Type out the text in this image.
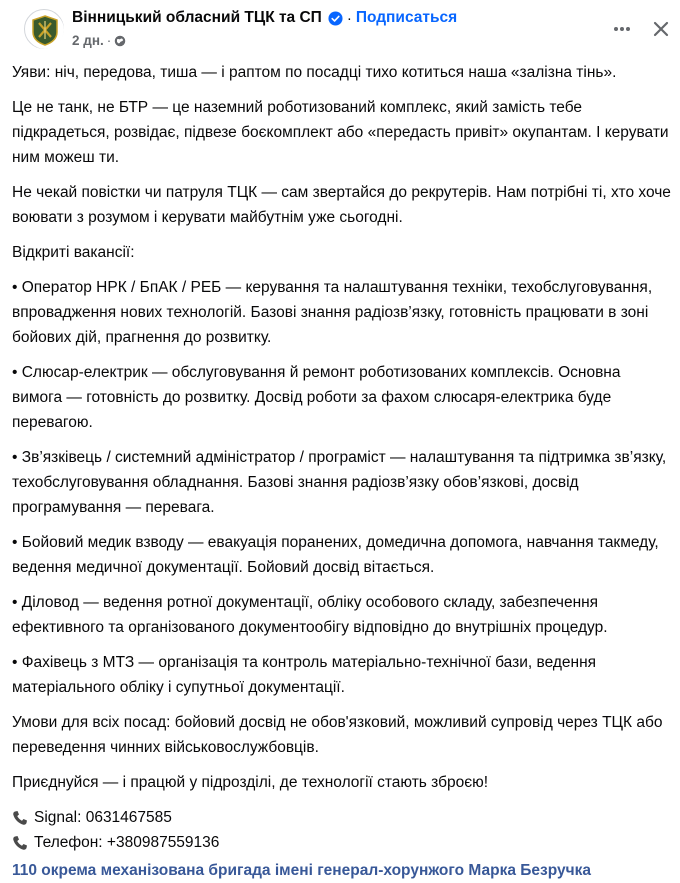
Вінницький обласний ТЦК та СП · Подписаться
2 дн. ·

Уяви: ніч, передова, тиша — і раптом по посадці тихо котиться наша «залізна тінь».

Це не танк, не БТР — це наземний роботизований комплекс, який замість тебе підкрадеться, розвідає, підвезе боєкомплект або «передасть привіт» окупантам. І керувати ним можеш ти.

Не чекай повістки чи патруля ТЦК — сам звертайся до рекрутерів. Нам потрібні ті, хто хоче воювати з розумом і керувати майбутнім уже сьогодні.

Відкриті вакансії:

• Оператор НРК / БпАК / РЕБ — керування та налаштування техніки, техобслуговування, впровадження нових технологій. Базові знання радіозв’язку, готовність працювати в зоні бойових дій, прагнення до розвитку.

• Слюсар-електрик — обслуговування й ремонт роботизованих комплексів. Основна вимога — готовність до розвитку. Досвід роботи за фахом слюсаря-електрика буде перевагою.

• Зв’язківець / системний адміністратор / програміст — налаштування та підтримка зв’язку, техобслуговування обладнання. Базові знання радіозв’язку обов’язкові, досвід програмування — перевага.

• Бойовий медик взводу — евакуація поранених, домедична допомога, навчання такмеду, ведення медичної документації. Бойовий досвід вітається.

• Діловод — ведення ротної документації, обліку особового складу, забезпечення ефективного та організованого документообігу відповідно до внутрішніх процедур.

• Фахівець з МТЗ — організація та контроль матеріально-технічної бази, ведення матеріального обліку і супутньої документації.

Умови для всіх посад: бойовий досвід не обов'язковий, можливий супровід через ТЦК або переведення чинних військовослужбовців.

Приєднуйся — і працюй у підрозділі, де технології стають зброєю!

Signal: 0631467585
Телефон: +380987559136
110 окрема механізована бригада імені генерал-хорунжого Марка Безручка
